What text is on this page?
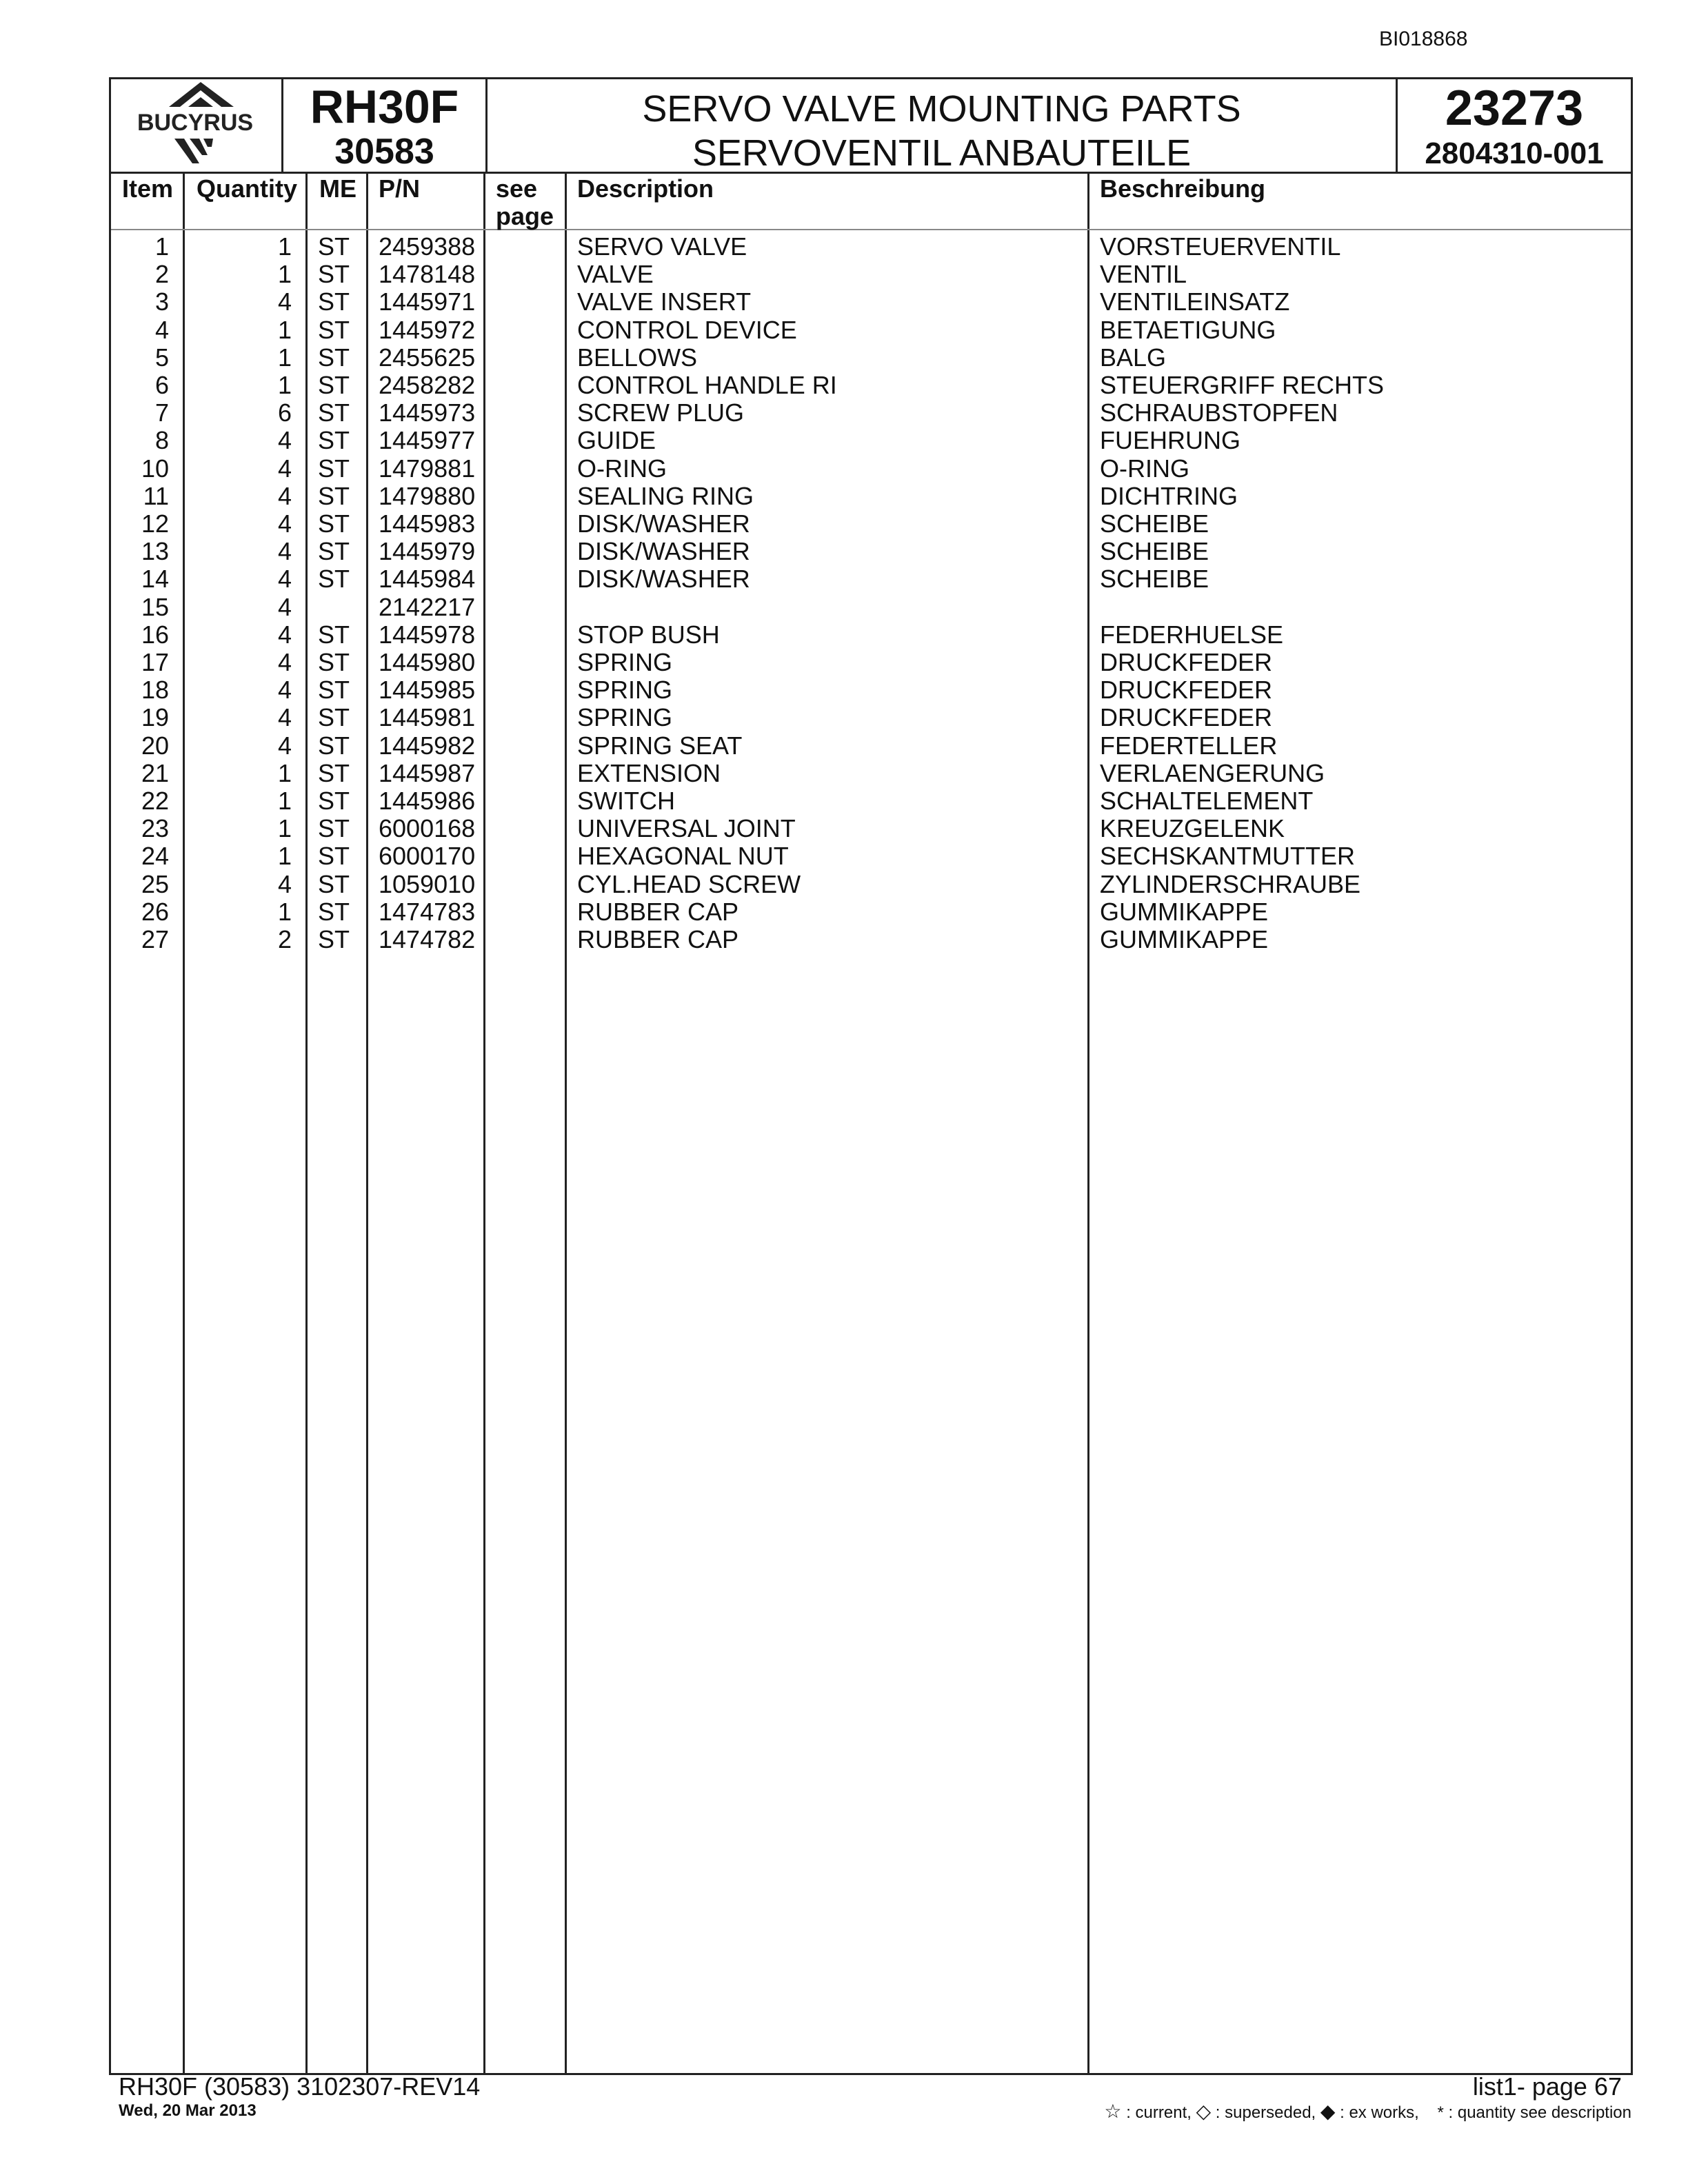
BI018868
BUCYRUS	RH30F
30583
SERVO VALVE MOUNTING PARTS
SERVOVENTIL ANBAUTEILE
23273
2804310-001
Item Quantity ME P/N	see
page
Description	Beschreibung
1	1 ST 2459388	SERVO VALVE	VORSTEUERVENTIL
2	1 ST 1478148	VALVE	VENTIL
3	4 ST 1445971	VALVE INSERT	VENTILEINSATZ
4	1 ST 1445972	CONTROL DEVICE	BETAETIGUNG
5	1 ST 2455625	BELLOWS	BALG
6	1 ST 2458282	CONTROL HANDLE RI	STEUERGRIFF RECHTS
7	6 ST 1445973	SCREW PLUG	SCHRAUBSTOPFEN
8	4 ST 1445977	GUIDE	FUEHRUNG
10	4 ST 1479881	O-RING	O-RING
11	4 ST 1479880	SEALING RING	DICHTRING
12	4 ST 1445983	DISK/WASHER	SCHEIBE
13	4 ST 1445979	DISK/WASHER	SCHEIBE
14	4 ST 1445984	DISK/WASHER	SCHEIBE
15	4	2142217
16	4 ST 1445978	STOP BUSH	FEDERHUELSE
17	4 ST 1445980	SPRING	DRUCKFEDER
18	4 ST 1445985	SPRING	DRUCKFEDER
19	4 ST 1445981	SPRING	DRUCKFEDER
20	4 ST 1445982	SPRING SEAT	FEDERTELLER
21	1 ST 1445987	EXTENSION	VERLAENGERUNG
22	1 ST 1445986	SWITCH	SCHALTELEMENT
23	1 ST 6000168	UNIVERSAL JOINT	KREUZGELENK
24	1 ST 6000170	HEXAGONAL NUT	SECHSKANTMUTTER
25	4 ST 1059010	CYL.HEAD SCREW	ZYLINDERSCHRAUBE
26	1 ST 1474783	RUBBER CAP	GUMMIKAPPE
27	2 ST 1474782	RUBBER CAP	GUMMIKAPPE
RH30F (30583) 3102307-REV14
Wed, 20 Mar 2013
list1- page 67
☆ : current, ◇ : superseded, ◆ : ex works, * : quantity see description
